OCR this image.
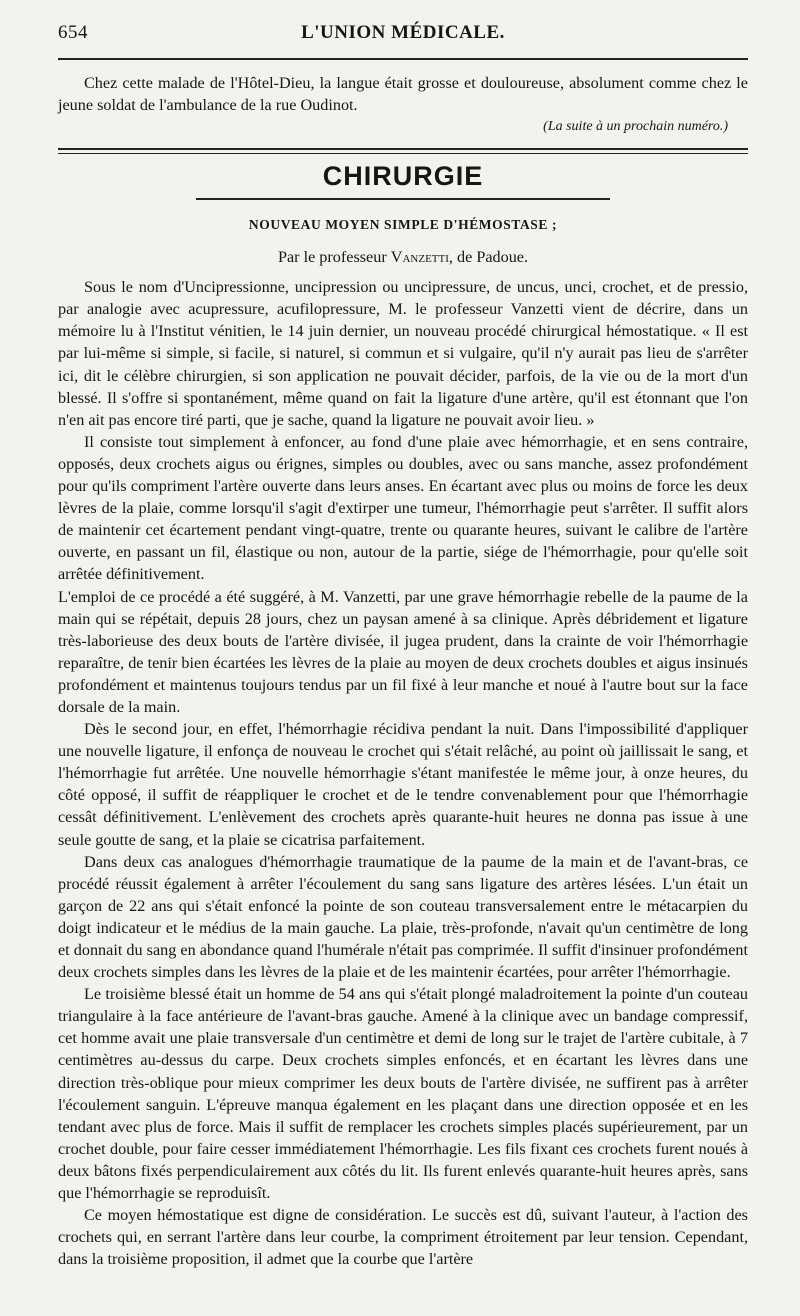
654	L'UNION MÉDICALE.

Chez cette malade de l'Hôtel-Dieu, la langue était grosse et douloureuse, absolument comme chez le jeune soldat de l'ambulance de la rue Oudinot.

(La suite à un prochain numéro.)
CHIRURGIE
NOUVEAU MOYEN SIMPLE D'HÉMOSTASE ;
Par le professeur Vanzetti, de Padoue.

Sous le nom d'Uncipressionne, uncipression ou uncipressure, de uncus, unci, crochet, et de pressio, par analogie avec acupressure, acufilopressure, M. le professeur Vanzetti vient de décrire, dans un mémoire lu à l'Institut vénitien, le 14 juin dernier, un nouveau procédé chirurgical hémostatique. « Il est par lui-même si simple, si facile, si naturel, si commun et si vulgaire, qu'il n'y aurait pas lieu de s'arrêter ici, dit le célèbre chirurgien, si son application ne pouvait décider, parfois, de la vie ou de la mort d'un blessé. Il s'offre si spontanément, même quand on fait la ligature d'une artère, qu'il est étonnant que l'on n'en ait pas encore tiré parti, que je sache, quand la ligature ne pouvait avoir lieu. »

Il consiste tout simplement à enfoncer, au fond d'une plaie avec hémorrhagie, et en sens contraire, opposés, deux crochets aigus ou érignes, simples ou doubles, avec ou sans manche, assez profondément pour qu'ils compriment l'artère ouverte dans leurs anses. En écartant avec plus ou moins de force les deux lèvres de la plaie, comme lorsqu'il s'agit d'extirper une tumeur, l'hémorrhagie peut s'arrêter. Il suffit alors de maintenir cet écartement pendant vingt-quatre, trente ou quarante heures, suivant le calibre de l'artère ouverte, en passant un fil, élastique ou non, autour de la partie, siége de l'hémorrhagie, pour qu'elle soit arrêtée définitivement.

L'emploi de ce procédé a été suggéré, à M. Vanzetti, par une grave hémorrhagie rebelle de la paume de la main qui se répétait, depuis 28 jours, chez un paysan amené à sa clinique. Après débridement et ligature très-laborieuse des deux bouts de l'artère divisée, il jugea prudent, dans la crainte de voir l'hémorrhagie reparaître, de tenir bien écartées les lèvres de la plaie au moyen de deux crochets doubles et aigus insinués profondément et maintenus toujours tendus par un fil fixé à leur manche et noué à l'autre bout sur la face dorsale de la main.

Dès le second jour, en effet, l'hémorrhagie récidiva pendant la nuit. Dans l'impossibilité d'appliquer une nouvelle ligature, il enfonça de nouveau le crochet qui s'était relâché, au point où jaillissait le sang, et l'hémorrhagie fut arrêtée. Une nouvelle hémorrhagie s'étant manifestée le même jour, à onze heures, du côté opposé, il suffit de réappliquer le crochet et de le tendre convenablement pour que l'hémorrhagie cessât définitivement. L'enlèvement des crochets après quarante-huit heures ne donna pas issue à une seule goutte de sang, et la plaie se cicatrisa parfaitement.

Dans deux cas analogues d'hémorrhagie traumatique de la paume de la main et de l'avant-bras, ce procédé réussit également à arrêter l'écoulement du sang sans ligature des artères lésées. L'un était un garçon de 22 ans qui s'était enfoncé la pointe de son couteau transversalement entre le métacarpien du doigt indicateur et le médius de la main gauche. La plaie, très-profonde, n'avait qu'un centimètre de long et donnait du sang en abondance quand l'humérale n'était pas comprimée. Il suffit d'insinuer profondément deux crochets simples dans les lèvres de la plaie et de les maintenir écartées, pour arrêter l'hémorrhagie.

Le troisième blessé était un homme de 54 ans qui s'était plongé maladroitement la pointe d'un couteau triangulaire à la face antérieure de l'avant-bras gauche. Amené à la clinique avec un bandage compressif, cet homme avait une plaie transversale d'un centimètre et demi de long sur le trajet de l'artère cubitale, à 7 centimètres au-dessus du carpe. Deux crochets simples enfoncés, et en écartant les lèvres dans une direction très-oblique pour mieux comprimer les deux bouts de l'artère divisée, ne suffirent pas à arrêter l'écoulement sanguin. L'épreuve manqua également en les plaçant dans une direction opposée et en les tendant avec plus de force. Mais il suffit de remplacer les crochets simples placés supérieurement, par un crochet double, pour faire cesser immédiatement l'hémorrhagie. Les fils fixant ces crochets furent noués à deux bâtons fixés perpendiculairement aux côtés du lit. Ils furent enlevés quarante-huit heures après, sans que l'hémorrhagie se reproduisît.

Ce moyen hémostatique est digne de considération. Le succès est dû, suivant l'auteur, à l'action des crochets qui, en serrant l'artère dans leur courbe, la compriment étroitement par leur tension. Cependant, dans la troisième proposition, il admet que la courbe que l'artère
